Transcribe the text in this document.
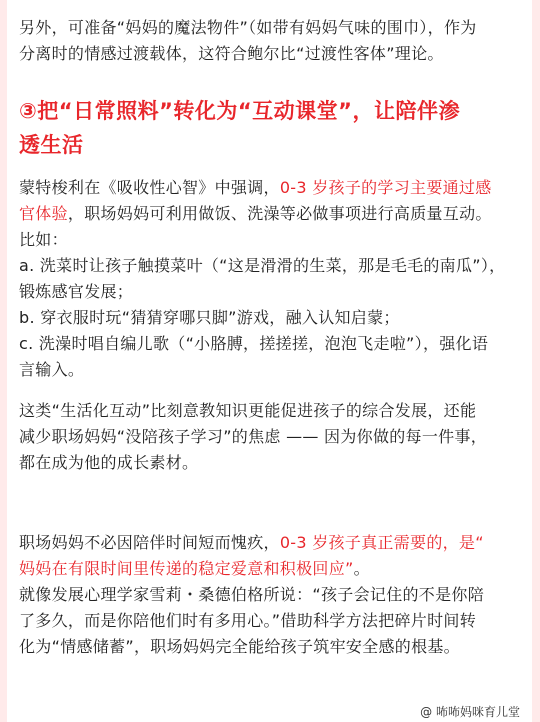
另外，可准备“妈妈的魔法物件”（如带有妈妈气味的围巾），作为

分离时的情感过渡载体，这符合鲍尔比“过渡性客体”理论。

③把“日常照料”转化为“互动课堂”，让陪伴渗
透生活

蒙特梭利在《吸收性心智》中强调，0-3 岁孩子的学习主要通过感

官体验，职场妈妈可利用做饭、洗澡等必做事项进行高质量互动。

比如：

a. 洗菜时让孩子触摸菜叶（“这是滑滑的生菜，那是毛毛的南瓜”），

锻炼感官发展；

b. 穿衣服时玩“猜猜穿哪只脚”游戏，融入认知启蒙；

c. 洗澡时唱自编儿歌（“小胳膊，搓搓搓，泡泡飞走啦”），强化语

言输入。

这类“生活化互动”比刻意教知识更能促进孩子的综合发展，还能

减少职场妈妈“没陪孩子学习”的焦虑 —— 因为你做的每一件事，

都在成为他的成长素材。

职场妈妈不必因陪伴时间短而愧疚，0-3 岁孩子真正需要的，是“

妈妈在有限时间里传递的稳定爱意和积极回应”。

就像发展心理学家雪莉・桑德伯格所说：“孩子会记住的不是你陪

了多久，而是你陪他们时有多用心。”借助科学方法把碎片时间转

化为“情感储蓄”，职场妈妈完全能给孩子筑牢安全感的根基。

@ 咘咘妈咪育儿堂
